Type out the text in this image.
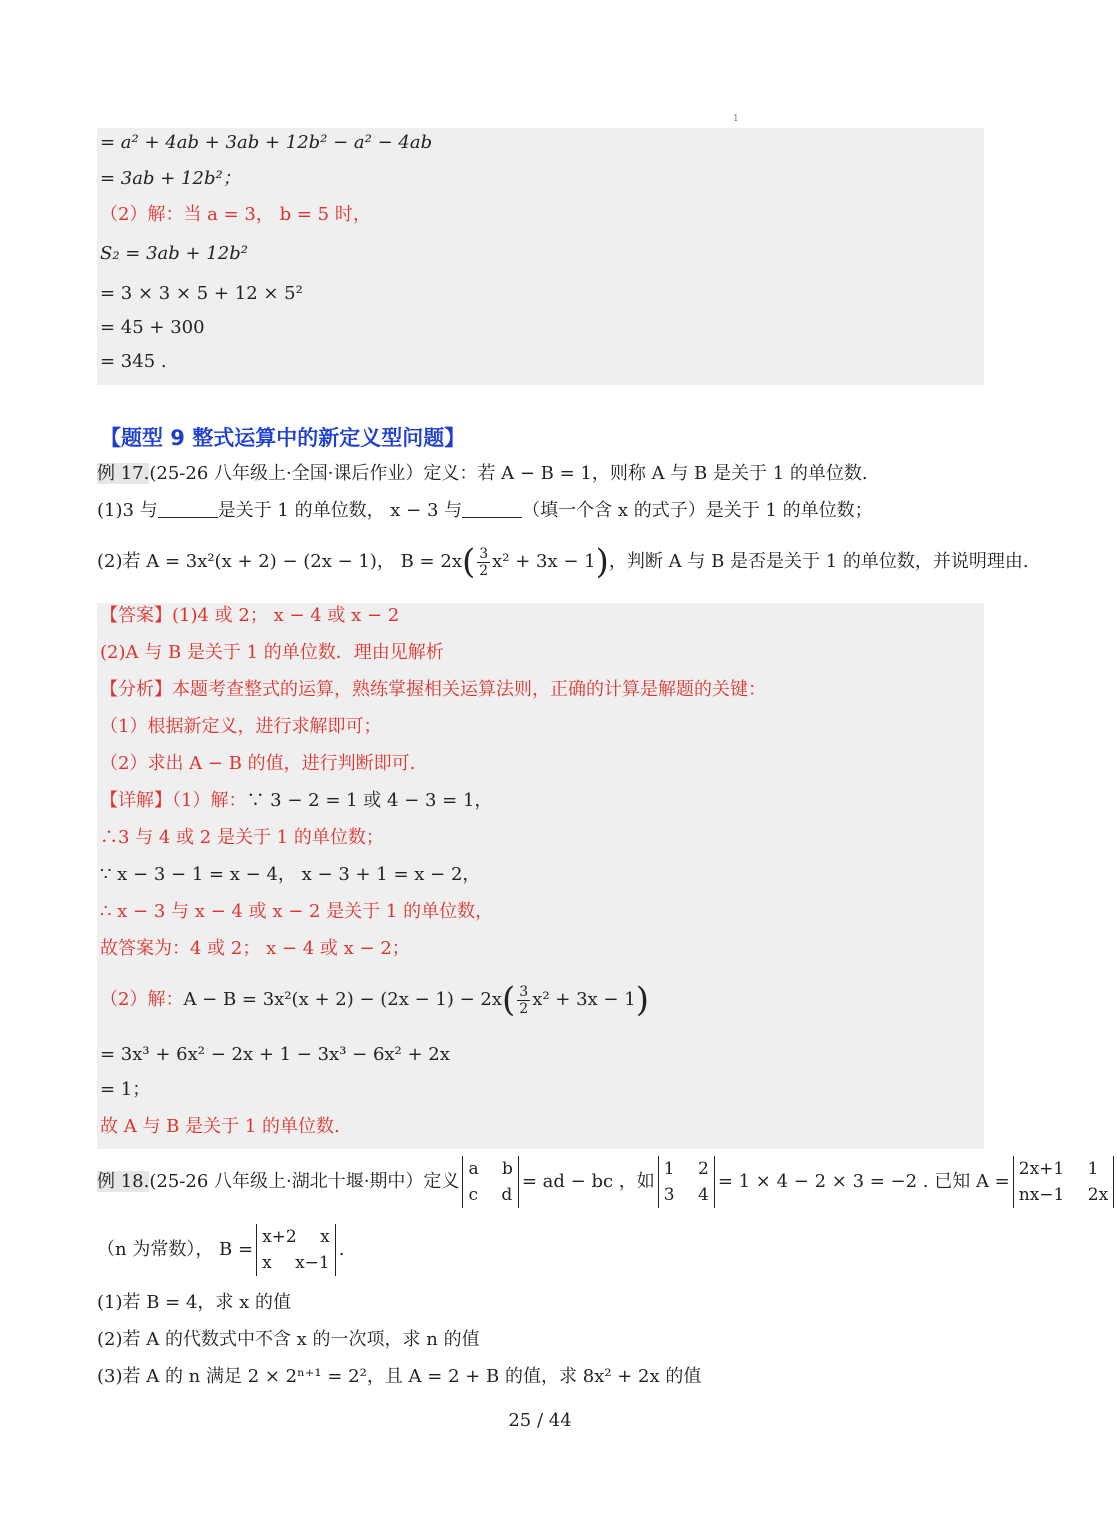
1
= a² + 4ab + 3ab + 12b² − a² − 4ab
= 3ab + 12b²；
（2）解：当 a = 3， b = 5 时，
S₂ = 3ab + 12b²
= 3 × 3 × 5 + 12 × 5²
= 45 + 300
= 345 .
【题型 9 整式运算中的新定义型问题】
例 17.(25-26 八年级上·全国·课后作业）定义：若 A − B = 1，则称 A 与 B 是关于 1 的单位数.
(1)3 与	是关于 1 的单位数， x − 3 与	（填一个含 x 的式子）是关于 1 的单位数；
(2)若 A = 3x²(x + 2) − (2x − 1)， $B = 2x( \frac{3}{2} x^2 + 3x - 1)$，判断 A 与 B 是否是关于 1 的单位数，并说明理由.
【答案】(1)4 或 2； x − 4 或 x − 2
(2)A 与 B 是关于 1 的单位数．理由见解析
【分析】本题考查整式的运算，熟练掌握相关运算法则，正确的计算是解题的关键：
（1）根据新定义，进行求解即可；
（2）求出 A − B 的值，进行判断即可.
【详解】（1）解：∵ 3 − 2 = 1 或 4 − 3 = 1，
∴3 与 4 或 2 是关于 1 的单位数；
∵ x − 3 − 1 = x − 4， x − 3 + 1 = x − 2，
∴ x − 3 与 x − 4 或 x − 2 是关于 1 的单位数，
故答案为：4 或 2； x − 4 或 x − 2；
（2）解：$A - B = 3x^2(x + 2) - (2x - 1) - 2x( \frac{3}{2} x^2 + 3x - 1)$
= 3x³ + 6x² − 2x + 1 − 3x³ − 6x² + 2x
= 1；
故 A 与 B 是关于 1 的单位数.
例 18.(25-26 八年级上·湖北十堰·期中）定义
a b
c d
= ad − bc ，如
1 2
3 4
= 1 × 4 − 2 × 3 = −2 . 已知 A =
2x+1 1
nx−1 2x
（n 为常数）， B =
x+2 x
x x−1
.
(1)若 B = 4，求 x 的值
(2)若 A 的代数式中不含 x 的一次项，求 n 的值
(3)若 A 的 n 满足 2 × 2ⁿ⁺¹ = 2²，且 A = 2 + B 的值，求 8x² + 2x 的值
25 / 44
